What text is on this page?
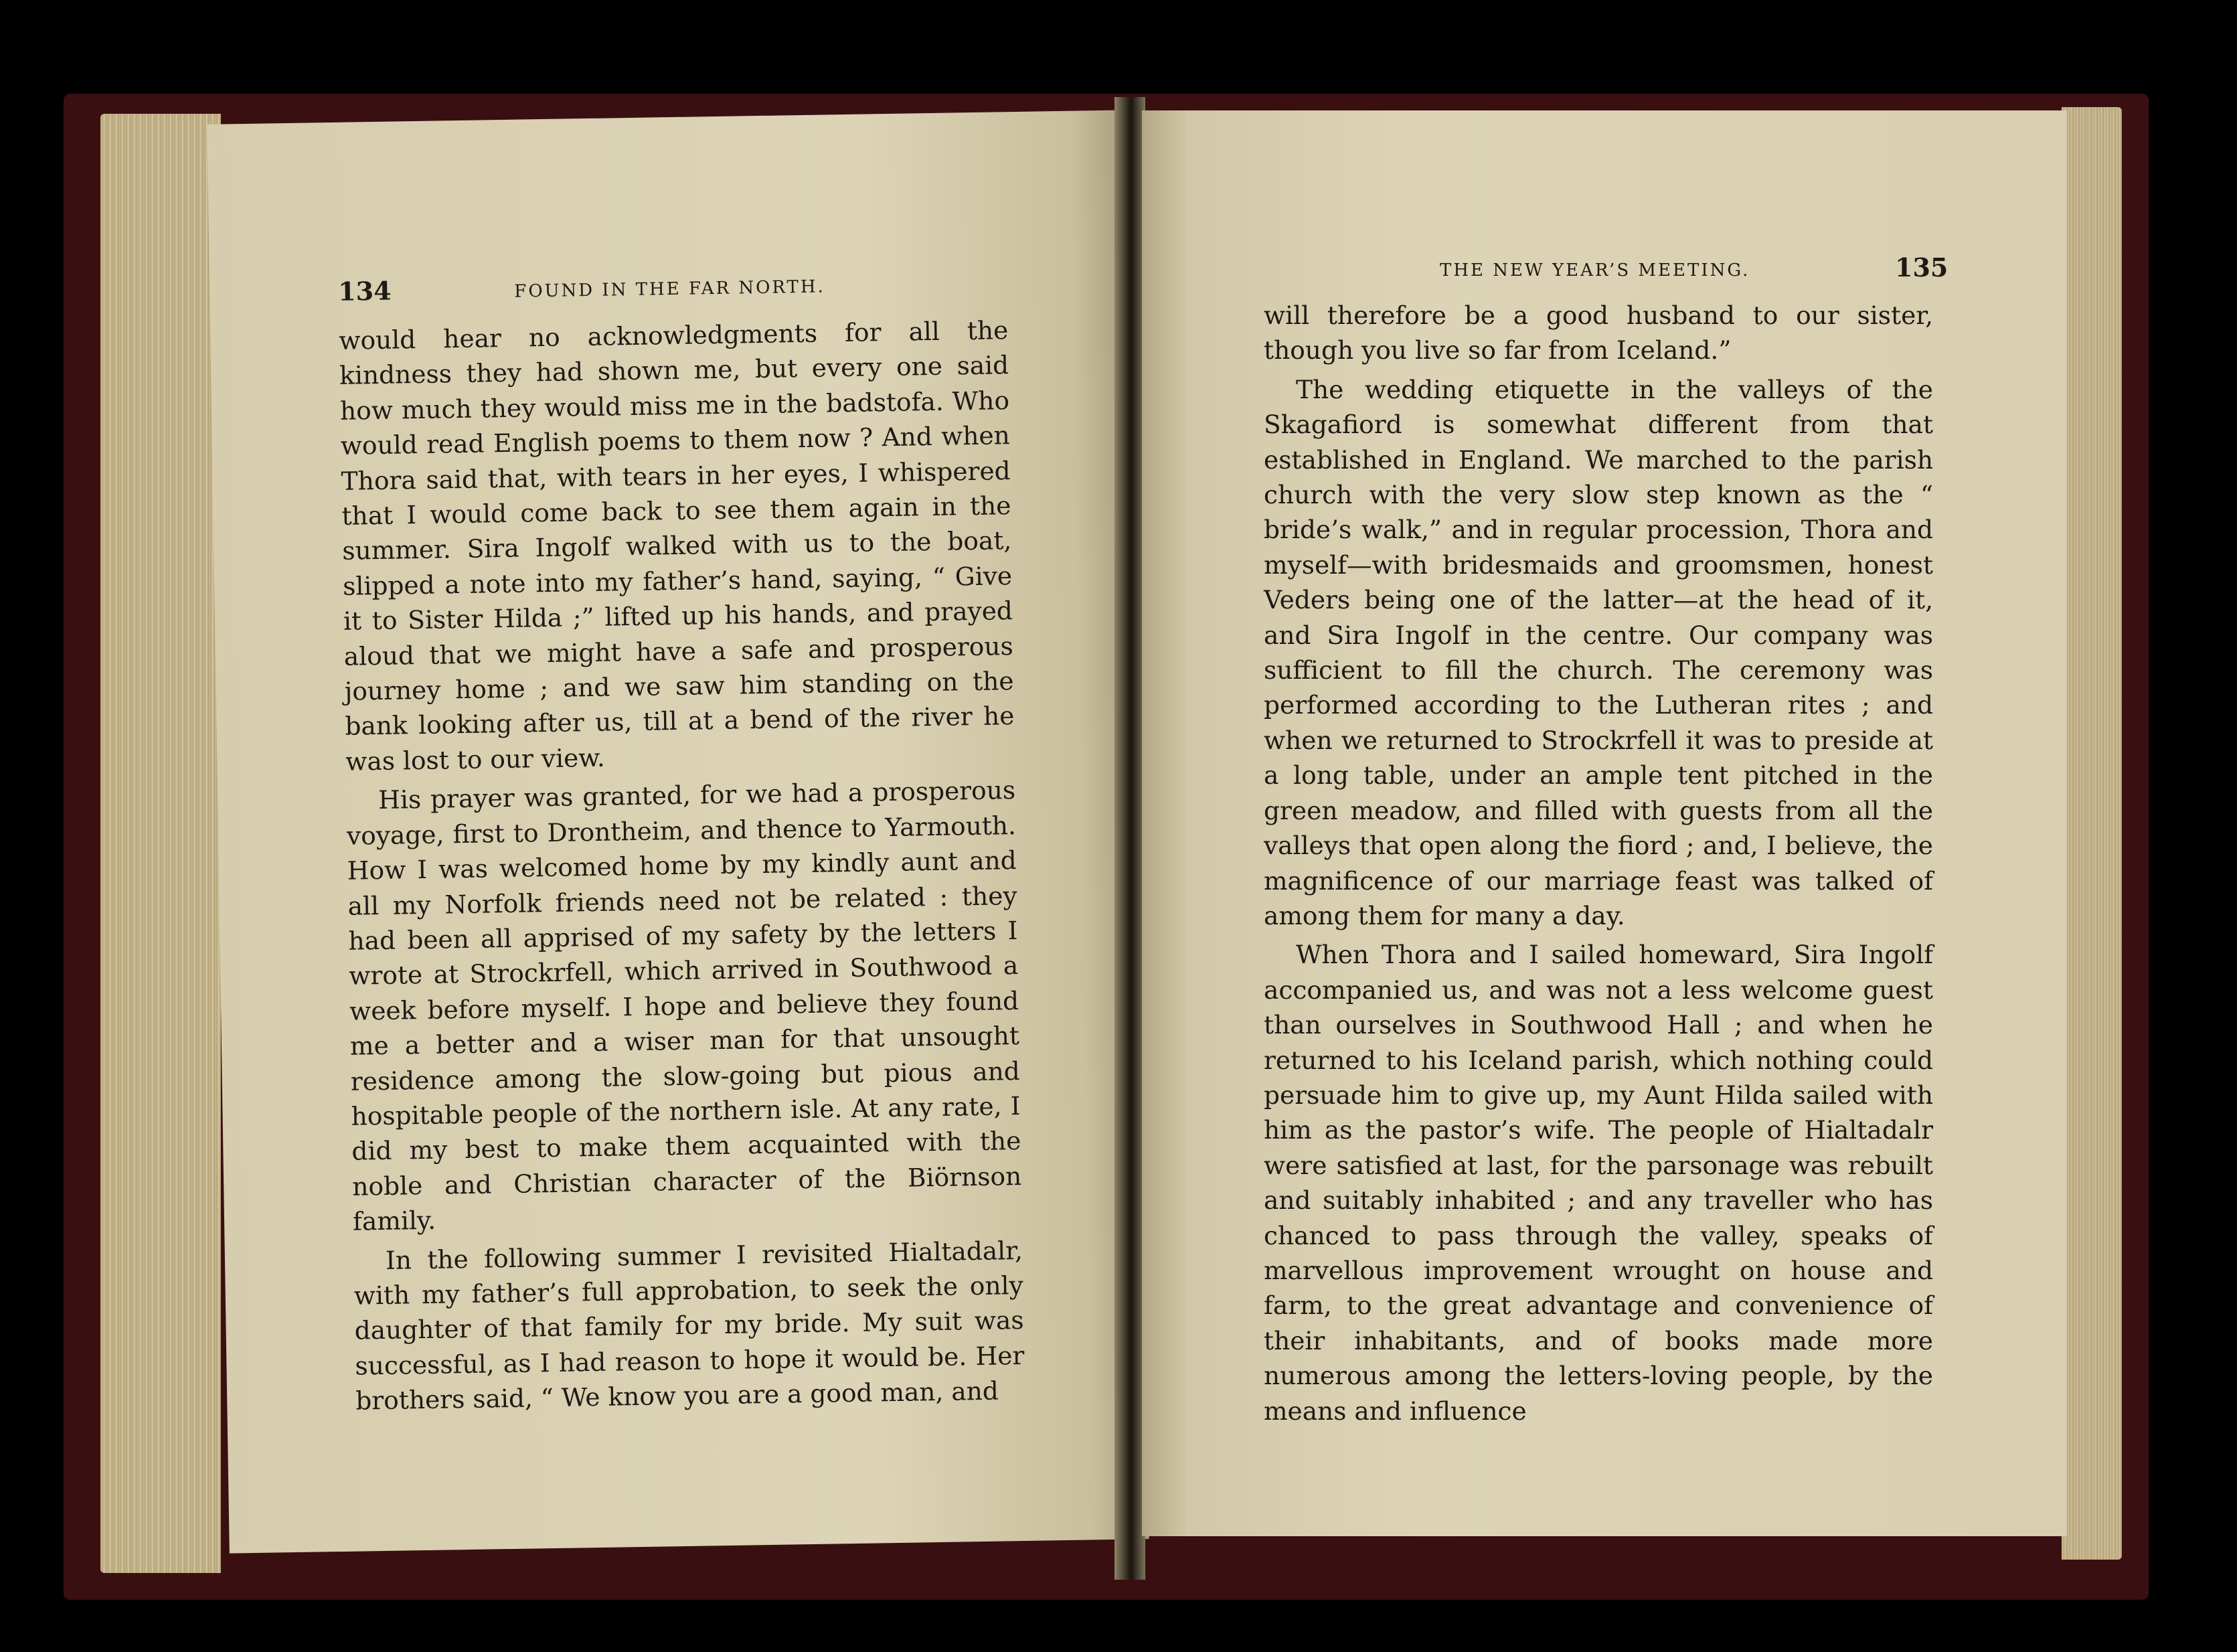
134	FOUND IN THE FAR NORTH.

would hear no acknowledgments for all the kindness they had shown me, but every one said how much they would miss me in the badstofa. Who would read English poems to them now ? And when Thora said that, with tears in her eyes, I whispered that I would come back to see them again in the summer. Sira Ingolf walked with us to the boat, slipped a note into my father’s hand, saying, “ Give it to Sister Hilda ;” lifted up his hands, and prayed aloud that we might have a safe and prosperous journey home ; and we saw him standing on the bank looking after us, till at a bend of the river he was lost to our view.

His prayer was granted, for we had a prosperous voyage, first to Drontheim, and thence to Yarmouth. How I was welcomed home by my kindly aunt and all my Norfolk friends need not be related : they had been all apprised of my safety by the letters I wrote at Strockrfell, which arrived in Southwood a week before myself. I hope and believe they found me a better and a wiser man for that unsought residence among the slow-going but pious and hospitable people of the northern isle. At any rate, I did my best to make them acquainted with the noble and Christian character of the Biörnson family.

In the following summer I revisited Hialtadalr, with my father’s full approbation, to seek the only daughter of that family for my bride. My suit was successful, as I had reason to hope it would be. Her brothers said, “ We know you are a good man, and

THE NEW YEAR’S MEETING.	135

will therefore be a good husband to our sister, though you live so far from Iceland.”

The wedding etiquette in the valleys of the Skagafiord is somewhat different from that established in England. We marched to the parish church with the very slow step known as the “ bride’s walk,” and in regular procession, Thora and myself—with bridesmaids and groomsmen, honest Veders being one of the latter—at the head of it, and Sira Ingolf in the centre. Our company was sufficient to fill the church. The ceremony was performed according to the Lutheran rites ; and when we returned to Strockrfell it was to preside at a long table, under an ample tent pitched in the green meadow, and filled with guests from all the valleys that open along the fiord ; and, I believe, the magnificence of our marriage feast was talked of among them for many a day.

When Thora and I sailed homeward, Sira Ingolf accompanied us, and was not a less welcome guest than ourselves in Southwood Hall ; and when he returned to his Iceland parish, which nothing could persuade him to give up, my Aunt Hilda sailed with him as the pastor’s wife. The people of Hialtadalr were satisfied at last, for the parsonage was rebuilt and suitably inhabited ; and any traveller who has chanced to pass through the valley, speaks of marvellous improvement wrought on house and farm, to the great advantage and convenience of their inhabitants, and of books made more numerous among the letters-loving people, by the means and influence
